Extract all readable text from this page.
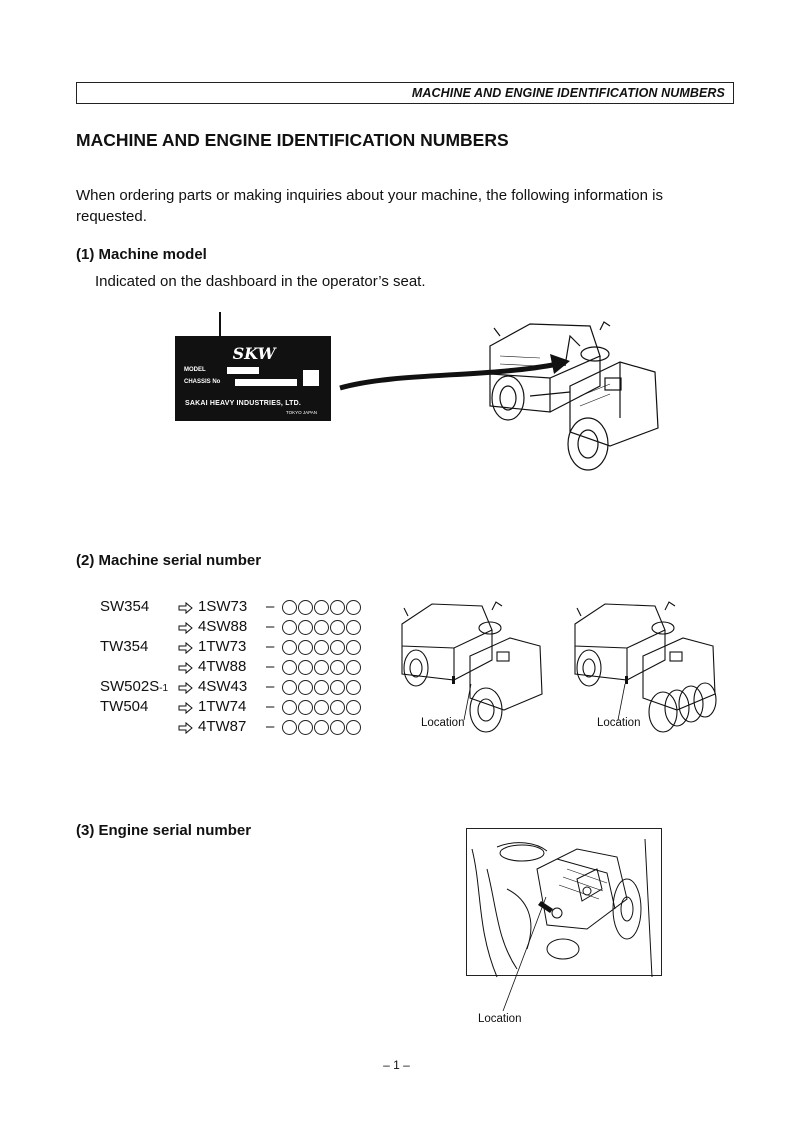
MACHINE AND ENGINE IDENTIFICATION NUMBERS
MACHINE AND ENGINE IDENTIFICATION NUMBERS
When ordering parts or making inquiries about your machine, the following information is requested.
(1) Machine model
Indicated on the dashboard in the operator’s seat.
SKW
MODEL
CHASSIS No
SAKAI HEAVY INDUSTRIES, LTD.
TOKYO JAPAN
(2) Machine serial number
SW354	1SW73 –
4SW88 –
TW354	1TW73 –
4TW88 –
SW502S-1 4SW43 –
TW504	1TW74 –
4TW87 –	Location	Location
(3) Engine serial number
Location
– 1 –
